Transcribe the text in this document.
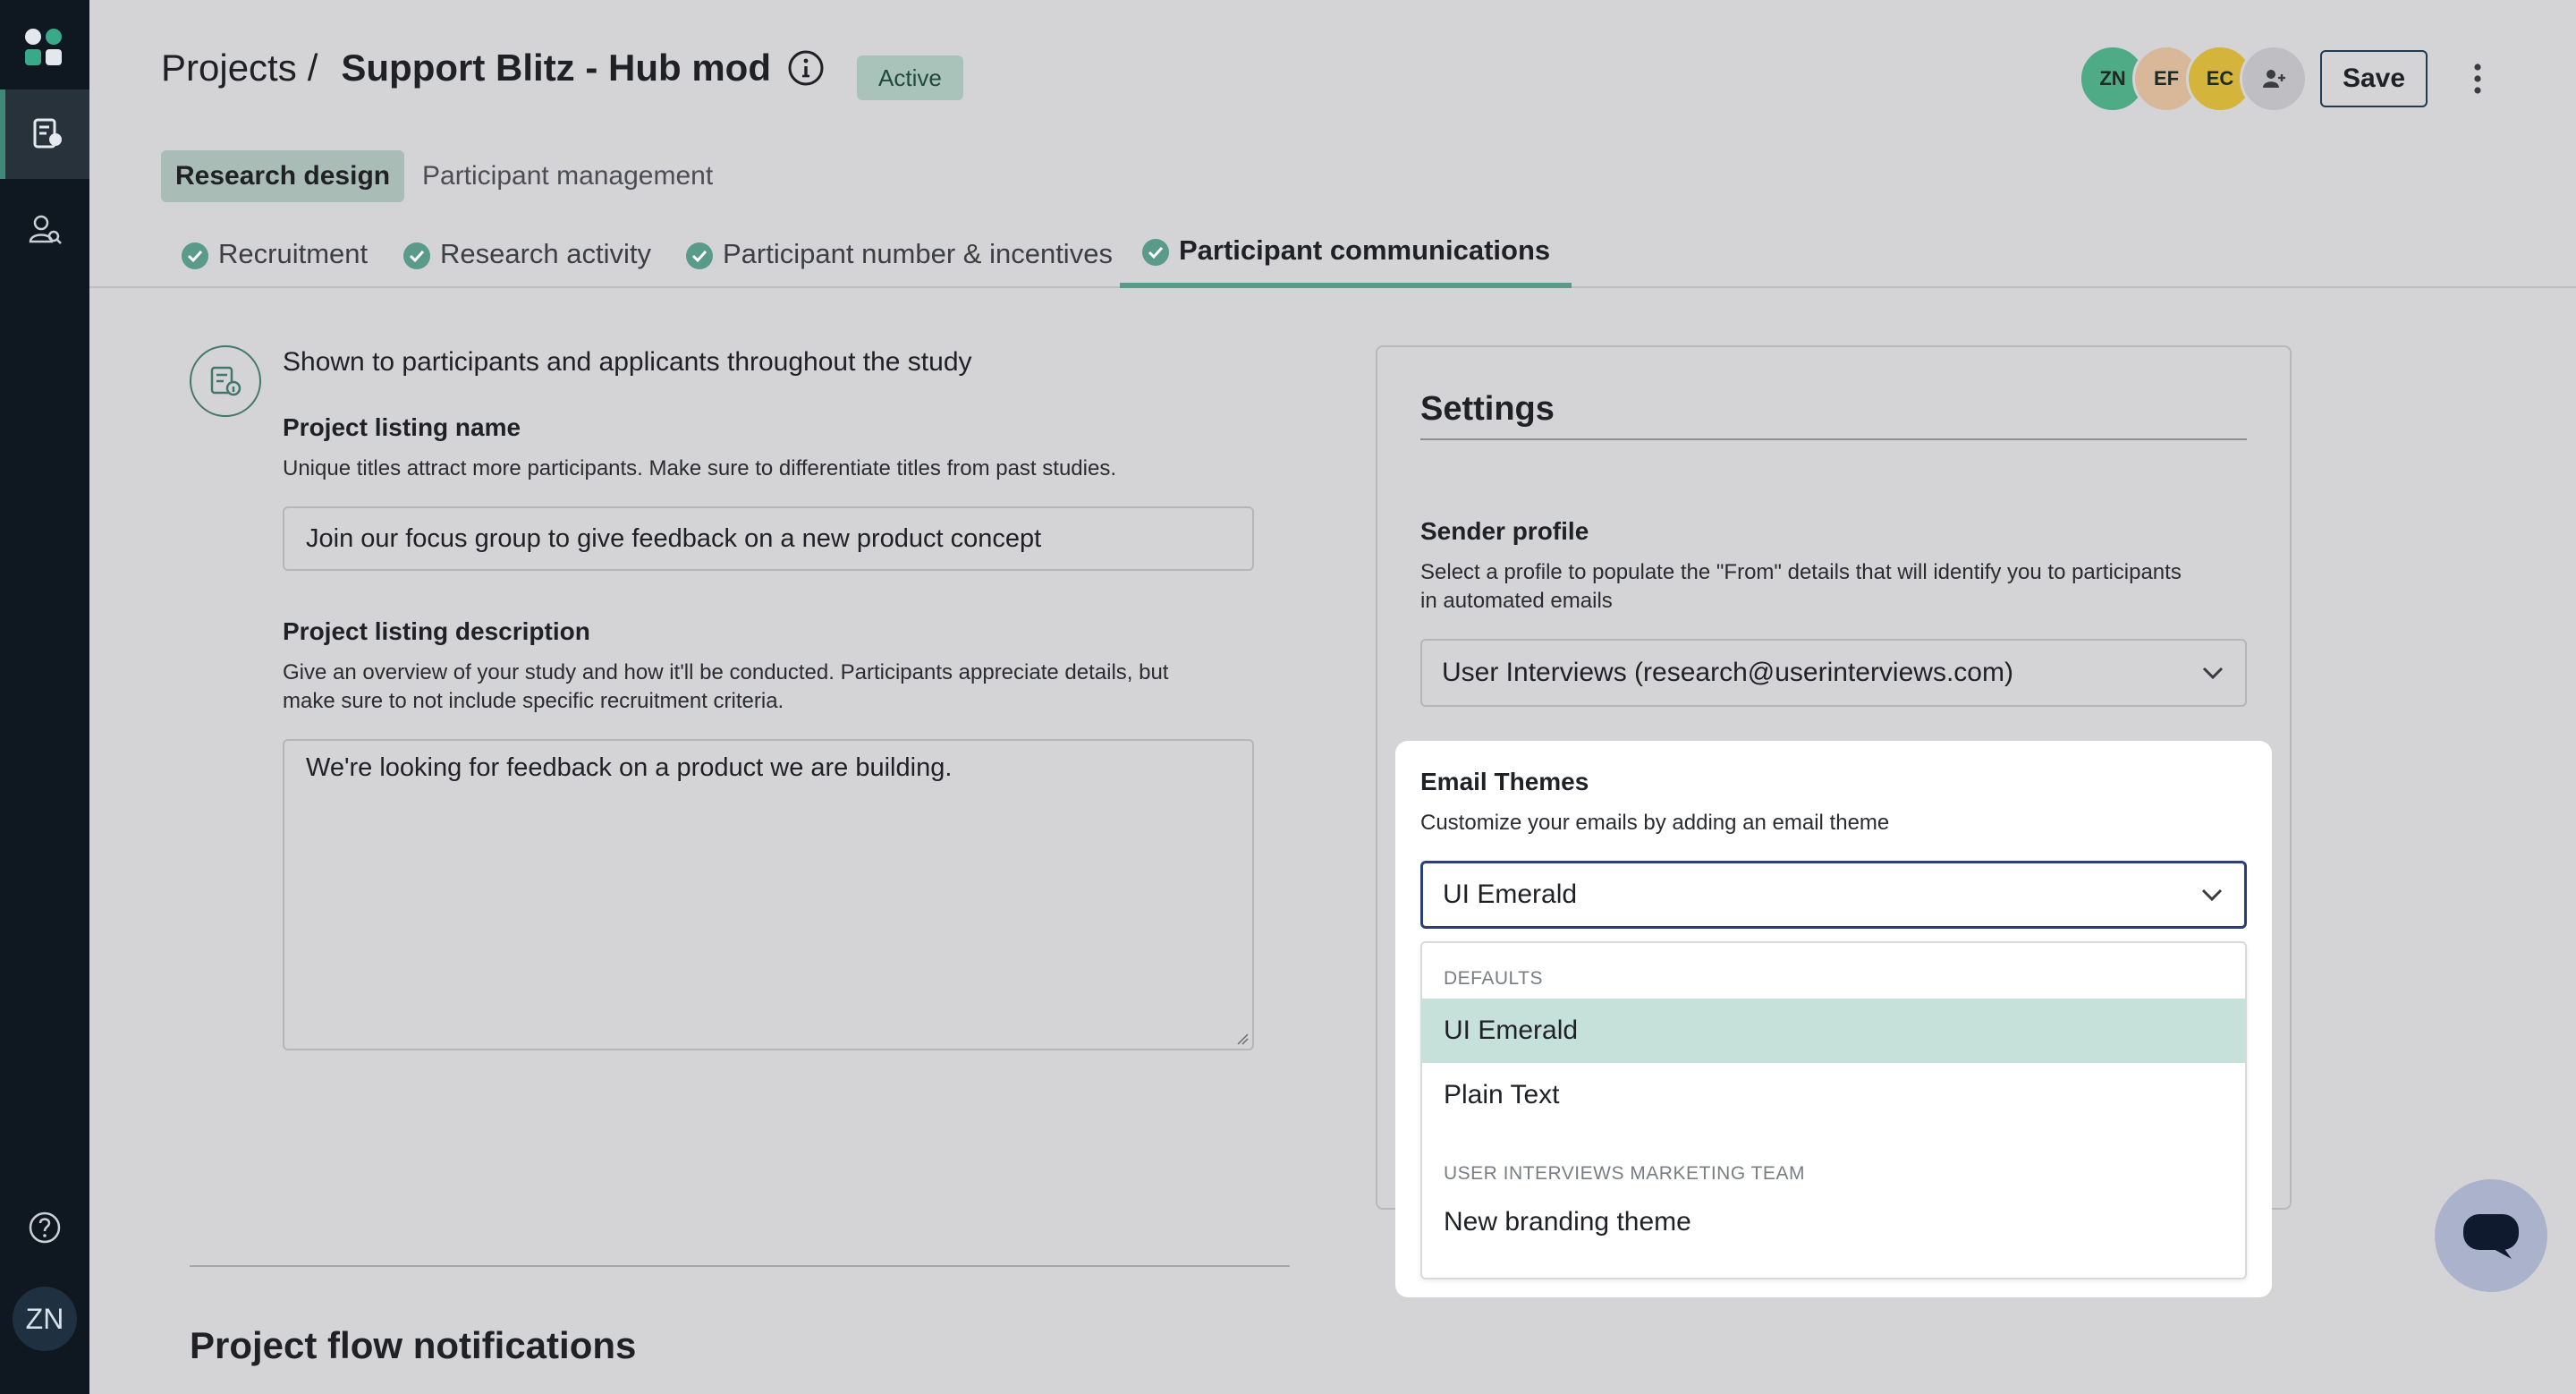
ZN
Projects / Support Blitz - Hub mod	Active	ZN	EF	EC	Save
Research design	Participant management
Recruitment	Research activity	Participant number & incentives Participant communications
Shown to participants and applicants throughout the study
Project listing name
Unique titles attract more participants. Make sure to differentiate titles from past studies.
Join our focus group to give feedback on a new product concept
Project listing description
Give an overview of your study and how it'll be conducted. Participants appreciate details, but
make sure to not include specific recruitment criteria.
We're looking for feedback on a product we are building.
Project flow notifications
Settings
Sender profile
Select a profile to populate the "From" details that will identify you to participants
in automated emails
User Interviews (research@userinterviews.com)
Email Themes
Customize your emails by adding an email theme
UI Emerald
DEFAULTS
UI Emerald
Plain Text
USER INTERVIEWS MARKETING TEAM
New branding theme
